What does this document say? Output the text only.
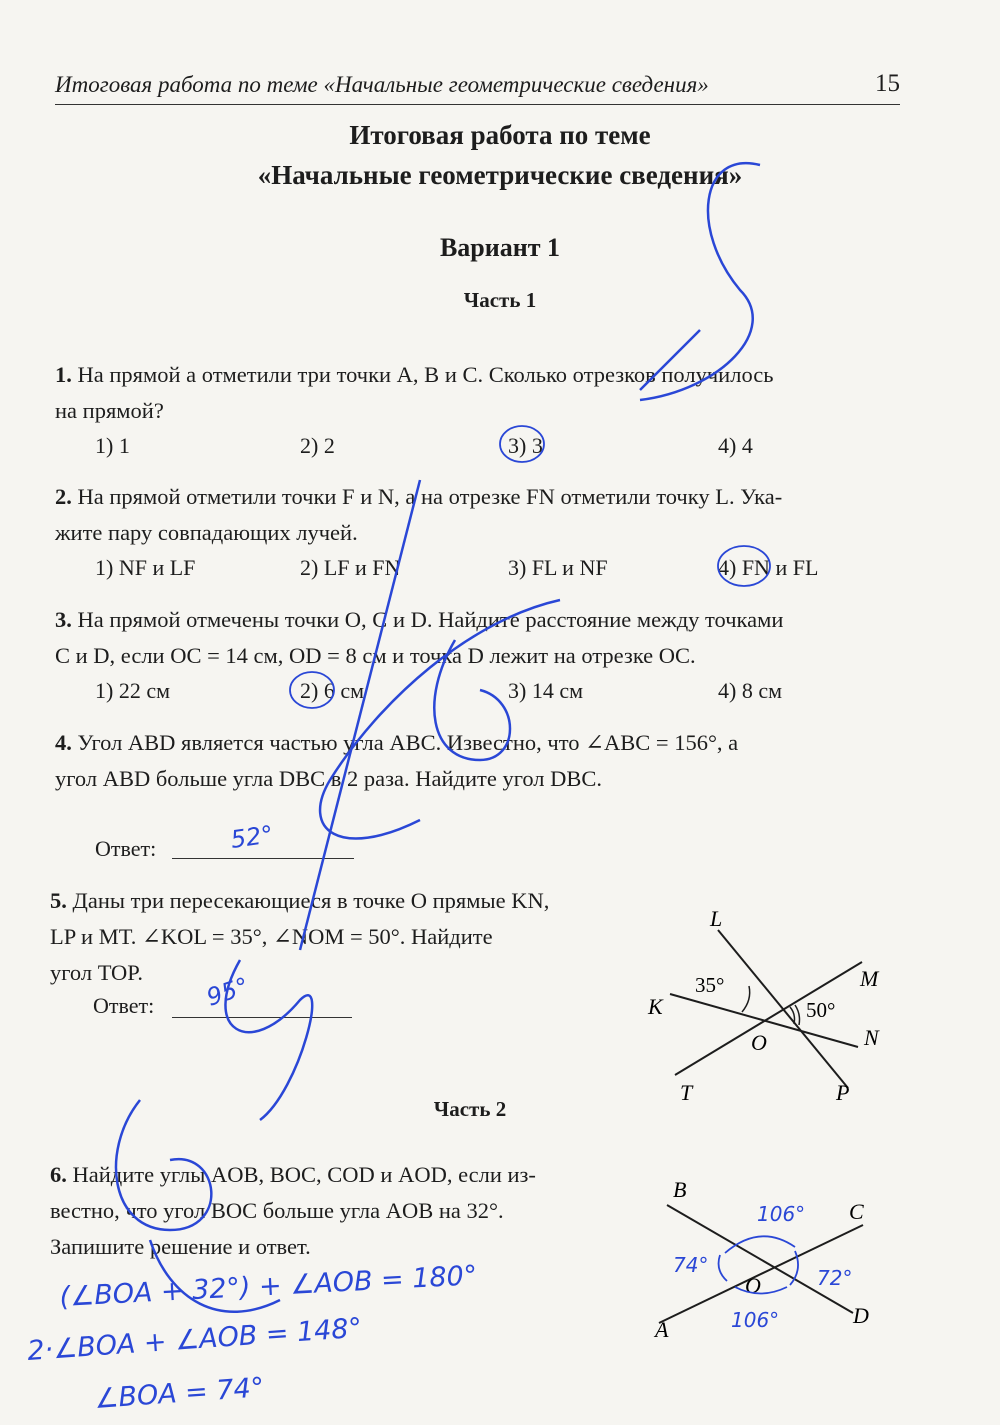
Итоговая работа по теме «Начальные геометрические сведения»	15
Итоговая работа по теме
«Начальные геометрические сведения»
Вариант 1
Часть 1
1. На прямой a отметили три точки A, B и C. Сколько отрезков получилось
на прямой?
1) 1	2) 2	3) 3	4) 4
2. На прямой отметили точки F и N, а на отрезке FN отметили точку L. Ука-
жите пару совпадающих лучей.
1) NF и LF	2) LF и FN	3) FL и NF	4) FN и FL
3. На прямой отмечены точки O, C и D. Найдите расстояние между точками
C и D, если OC = 14 см, OD = 8 см и точка D лежит на отрезке OC.
1) 22 см	2) 6 см	3) 14 см	4) 8 см
4. Угол ABD является частью угла ABC. Известно, что ∠ABC = 156°, а
угол ABD больше угла DBC в 2 раза. Найдите угол DBC.
Ответ:
5. Даны три пересекающиеся в точке O прямые KN,
LP и MT. ∠KOL = 35°, ∠NOM = 50°. Найдите
угол TOP.
Ответ:
Часть 2
6. Найдите углы AOB, BOC, COD и AOD, если из-
вестно, что угол BOC больше угла AOB на 32°.
Запишите решение и ответ.
L
M
K
N
O
T	P
35°
50°
B
C
A
D
O
106°
74°
72°
106°
52°
95°
(∠BOA + 32°) + ∠AOB = 180°
2·∠BOA + ∠AOB = 148°
∠BOA = 74°
